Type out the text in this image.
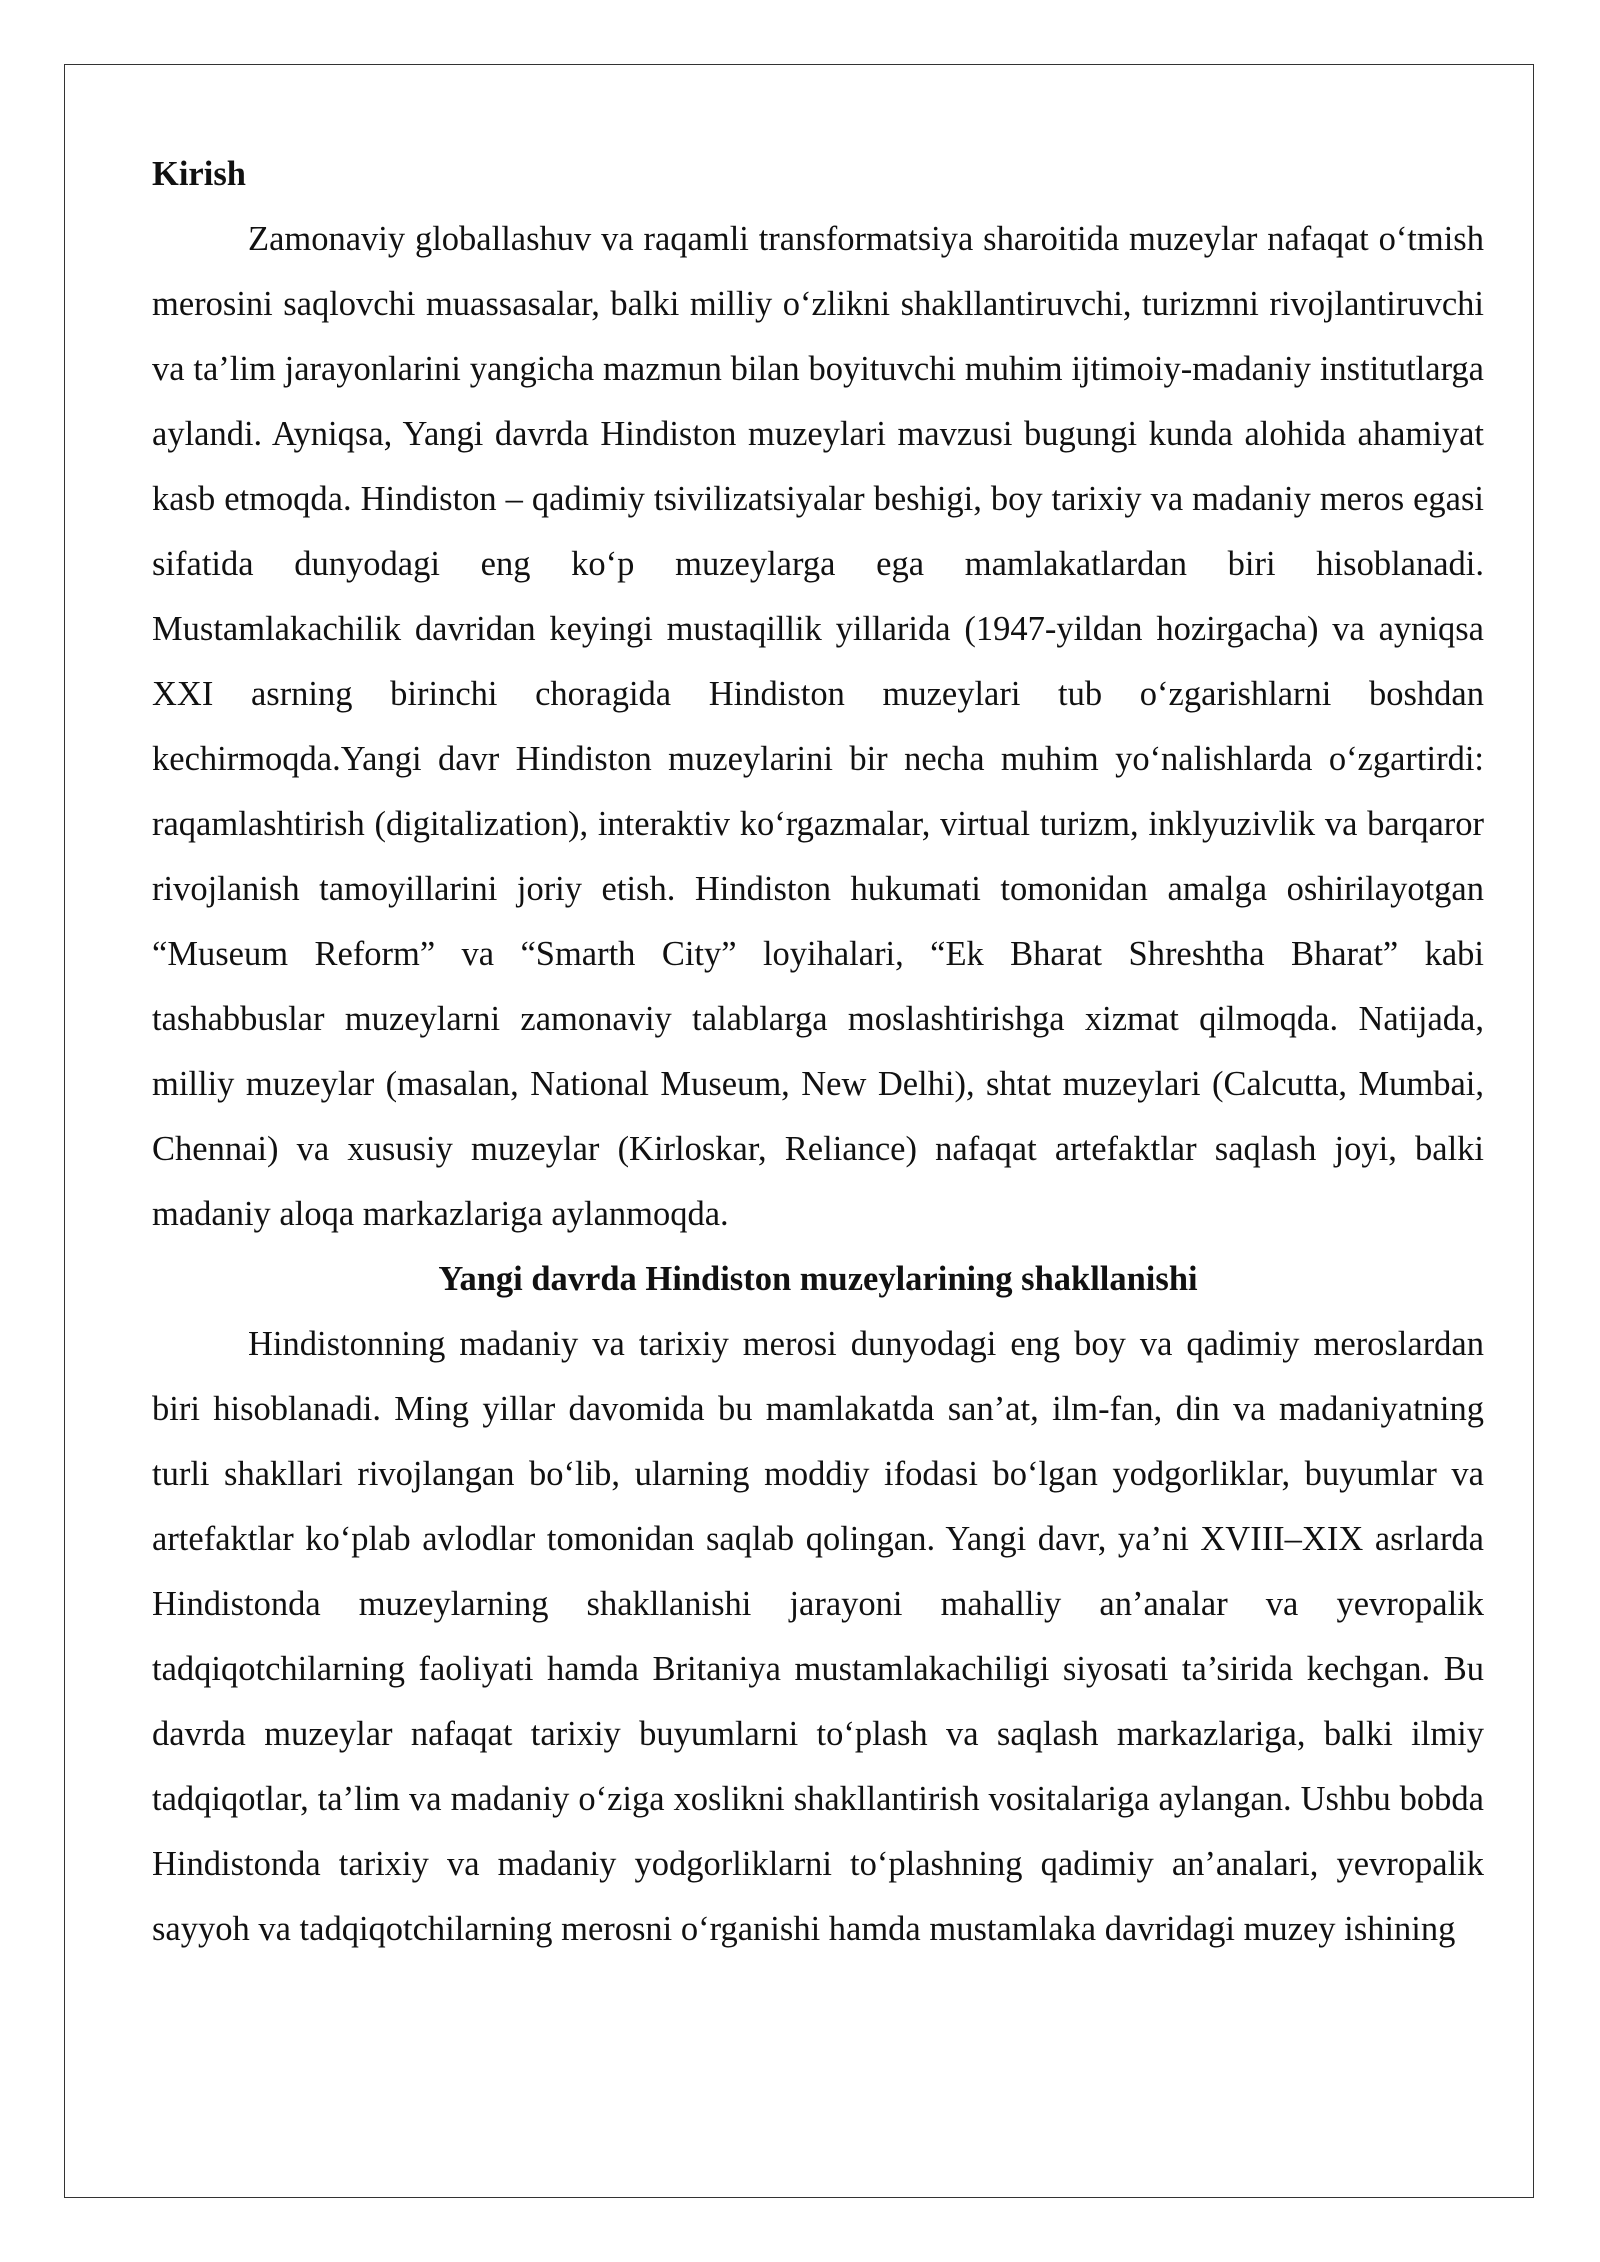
Kirish

Zamonaviy globallashuv va raqamli transformatsiya sharoitida muzeylar nafaqat o‘tmish merosini saqlovchi muassasalar, balki milliy o‘zlikni shakllantiruvchi, turizmni rivojlantiruvchi va ta’lim jarayonlarini yangicha mazmun bilan boyituvchi muhim ijtimoiy-madaniy institutlarga aylandi. Ayniqsa, Yangi davrda Hindiston muzeylari mavzusi bugungi kunda alohida ahamiyat kasb etmoqda. Hindiston – qadimiy tsivilizatsiyalar beshigi, boy tarixiy va madaniy meros egasi sifatida dunyodagi eng ko‘p muzeylarga ega mamlakatlardan biri hisoblanadi. Mustamlakachilik davridan keyingi mustaqillik yillarida (1947-yildan hozirgacha) va ayniqsa XXI asrning birinchi choragida Hindiston muzeylari tub o‘zgarishlarni boshdan kechirmoqda.Yangi davr Hindiston muzeylarini bir necha muhim yo‘nalishlarda o‘zgartirdi: raqamlashtirish (digitalization), interaktiv ko‘rgazmalar, virtual turizm, inklyuzivlik va barqaror rivojlanish tamoyillarini joriy etish. Hindiston hukumati tomonidan amalga oshirilayotgan “Museum Reform” va “Smarth City” loyihalari, “Ek Bharat Shreshtha Bharat” kabi tashabbuslar muzeylarni zamonaviy talablarga moslashtirishga xizmat qilmoqda. Natijada, milliy muzeylar (masalan, National Museum, New Delhi), shtat muzeylari (Calcutta, Mumbai, Chennai) va xususiy muzeylar (Kirloskar, Reliance) nafaqat artefaktlar saqlash joyi, balki madaniy aloqa markazlariga aylanmoqda.

Yangi davrda Hindiston muzeylarining shakllanishi

Hindistonning madaniy va tarixiy merosi dunyodagi eng boy va qadimiy meroslardan biri hisoblanadi. Ming yillar davomida bu mamlakatda san’at, ilm-fan, din va madaniyatning turli shakllari rivojlangan bo‘lib, ularning moddiy ifodasi bo‘lgan yodgorliklar, buyumlar va artefaktlar ko‘plab avlodlar tomonidan saqlab qolingan. Yangi davr, ya’ni XVIII–XIX asrlarda Hindistonda muzeylarning shakllanishi jarayoni mahalliy an’analar va yevropalik tadqiqotchilarning faoliyati hamda Britaniya mustamlakachiligi siyosati ta’sirida kechgan. Bu davrda muzeylar nafaqat tarixiy buyumlarni to‘plash va saqlash markazlariga, balki ilmiy tadqiqotlar, ta’lim va madaniy o‘ziga xoslikni shakllantirish vositalariga aylangan. Ushbu bobda Hindistonda tarixiy va madaniy yodgorliklarni to‘plashning qadimiy an’analari, yevropalik sayyoh va tadqiqotchilarning merosni o‘rganishi hamda mustamlaka davridagi muzey ishining
